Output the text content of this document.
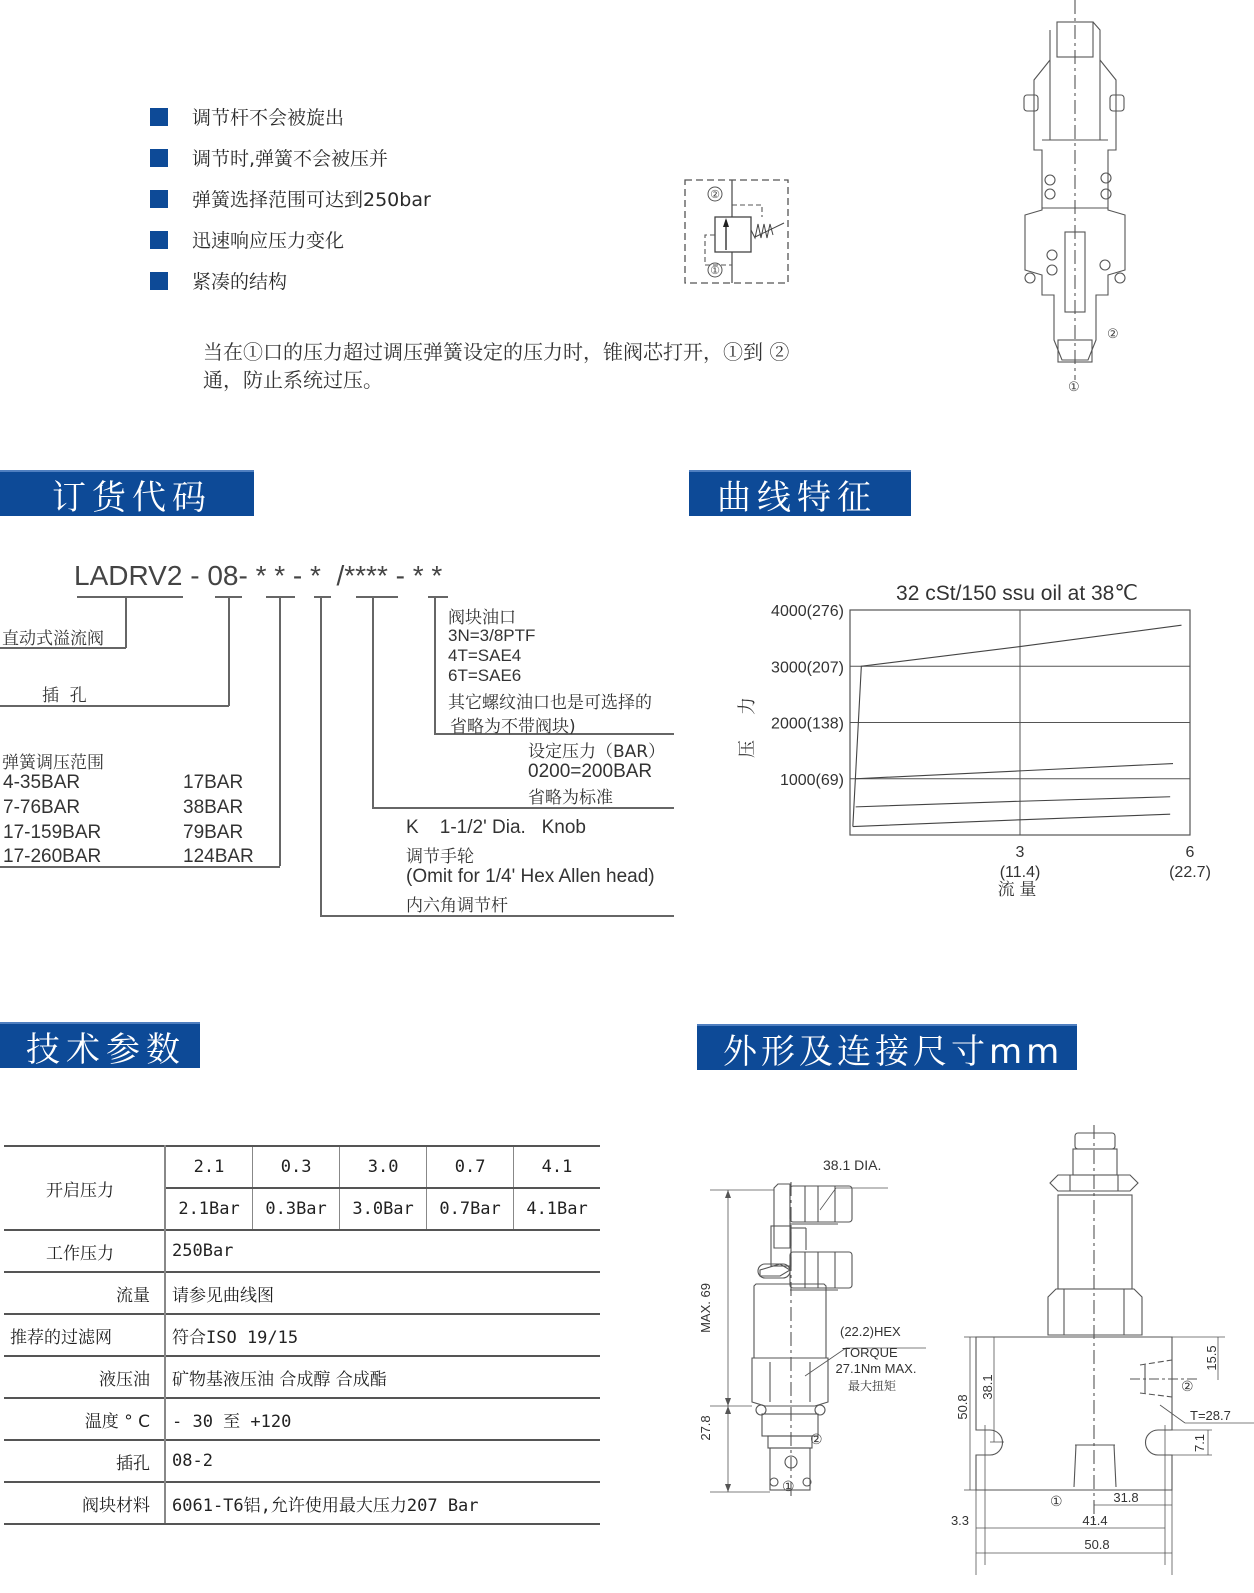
调节杆不会被旋出
调节时,弹簧不会被压并
弹簧选择范围可达到250bar
迅速响应压力变化
紧凑的结构
当在①口的压力超过调压弹簧设定的压力时，锥阀芯打开，①到 ②
通，防止系统过压。
②
①
②
①
订货代码	曲线特征
技术参数	外形及连接尺寸mm
LADRV2 - 08- * * - *  /**** - * *
直动式溢流阀
插  孔
弹簧调压范围
4-35BAR	17BAR
7-76BAR	38BAR
17-159BAR	79BAR
17-260BAR	124BAR
K    1-1/2' Dia.   Knob
调节手轮
(Omit for 1/4' Hex Allen head)
内六角调节杆
设定压力（BAR）
0200=200BAR
省略为标准
阀块油口
3N=3/8PTF
4T=SAE4
6T=SAE6
其它螺纹油口也是可选择的
省略为不带阀块)
32 cSt/150 ssu oil at 38℃
压 力
流 量
1000(69)
2000(138)
3000(207)
4000(276)
3
(11.4)
6
(22.7)
开启压力	2.1	0.3	3.0	0.7	4.1
	2.1Bar	0.3Bar	3.0Bar	0.7Bar	4.1Bar
工作压力	250Bar				
流量	请参见曲线图				
推荐的过滤网	符合ISO 19/15				
液压油	矿物基液压油 合成醇 合成酯				
温度 ° C	- 30 至 +120				
插孔	08-2				
阀块材料	6061-T6铝,允许使用最大压力207 Bar				
38.1 DIA.
MAX. 69	(22.2)HEX
TORQUE
27.1Nm MAX.
最大扭矩
27.8	②
①
50.8
38.1
15.5
②
T=28.7
7.1
①	31.8
3.3	41.4
50.8
